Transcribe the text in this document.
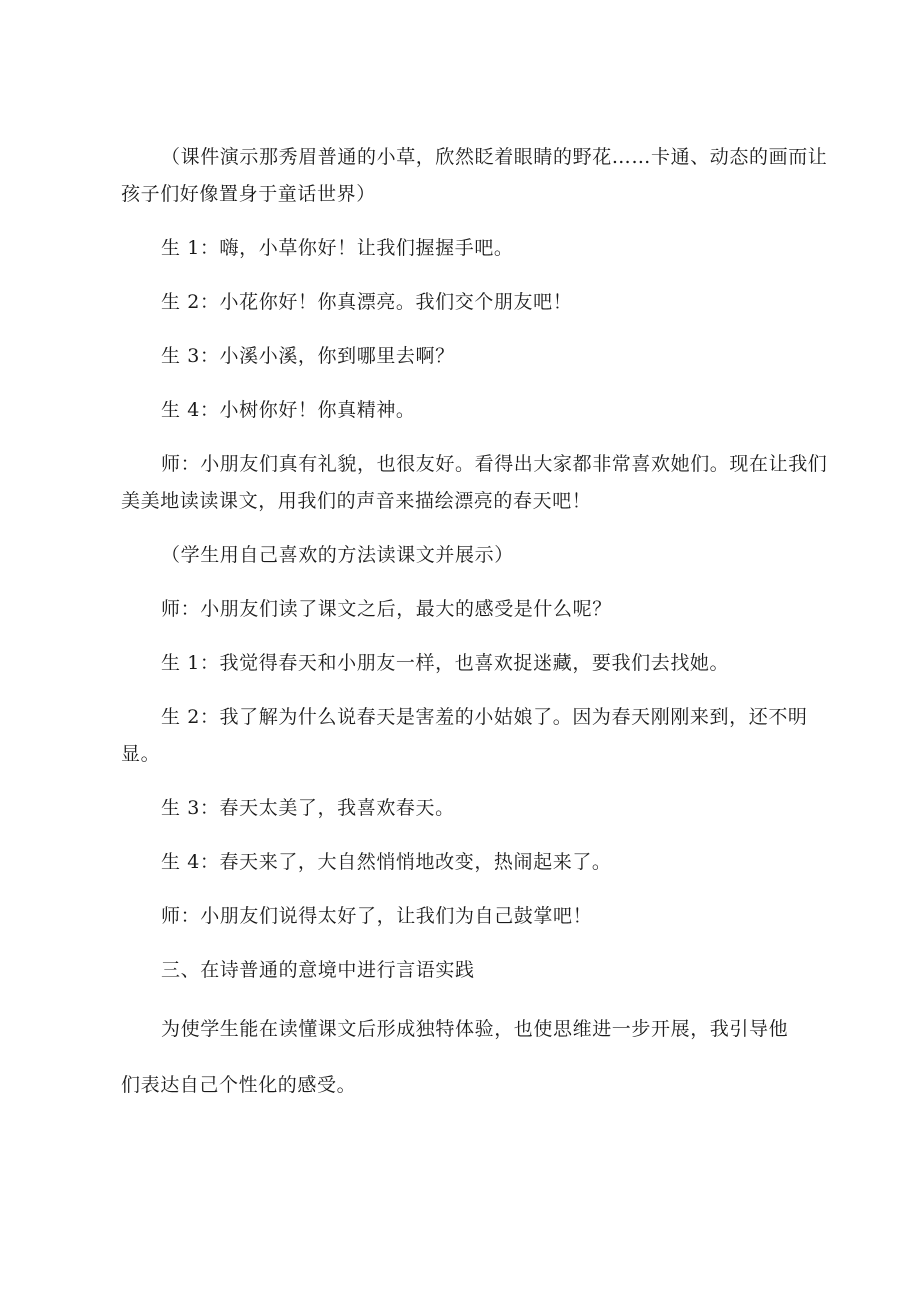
（课件演示那秀眉普通的小草，欣然眨着眼睛的野花……卡通、动态的画而让
孩子们好像置身于童话世界）
生 1：嗨，小草你好！让我们握握手吧。
生 2：小花你好！你真漂亮。我们交个朋友吧！
生 3：小溪小溪，你到哪里去啊？
生 4：小树你好！你真精神。
师：小朋友们真有礼貌，也很友好。看得出大家都非常喜欢她们。现在让我们
美美地读读课文，用我们的声音来描绘漂亮的春天吧！
（学生用自己喜欢的方法读课文并展示）
师：小朋友们读了课文之后，最大的感受是什么呢？
生 1：我觉得春天和小朋友一样，也喜欢捉迷藏，要我们去找她。
生 2：我了解为什么说春天是害羞的小姑娘了。因为春天刚刚来到，还不明
显。
生 3：春天太美了，我喜欢春天。
生 4：春天来了，大自然悄悄地改变，热闹起来了。
师：小朋友们说得太好了，让我们为自己鼓掌吧！
三、在诗普通的意境中进行言语实践
为使学生能在读懂课文后形成独特体验，也使思维进一步开展，我引导他
们表达自己个性化的感受。
